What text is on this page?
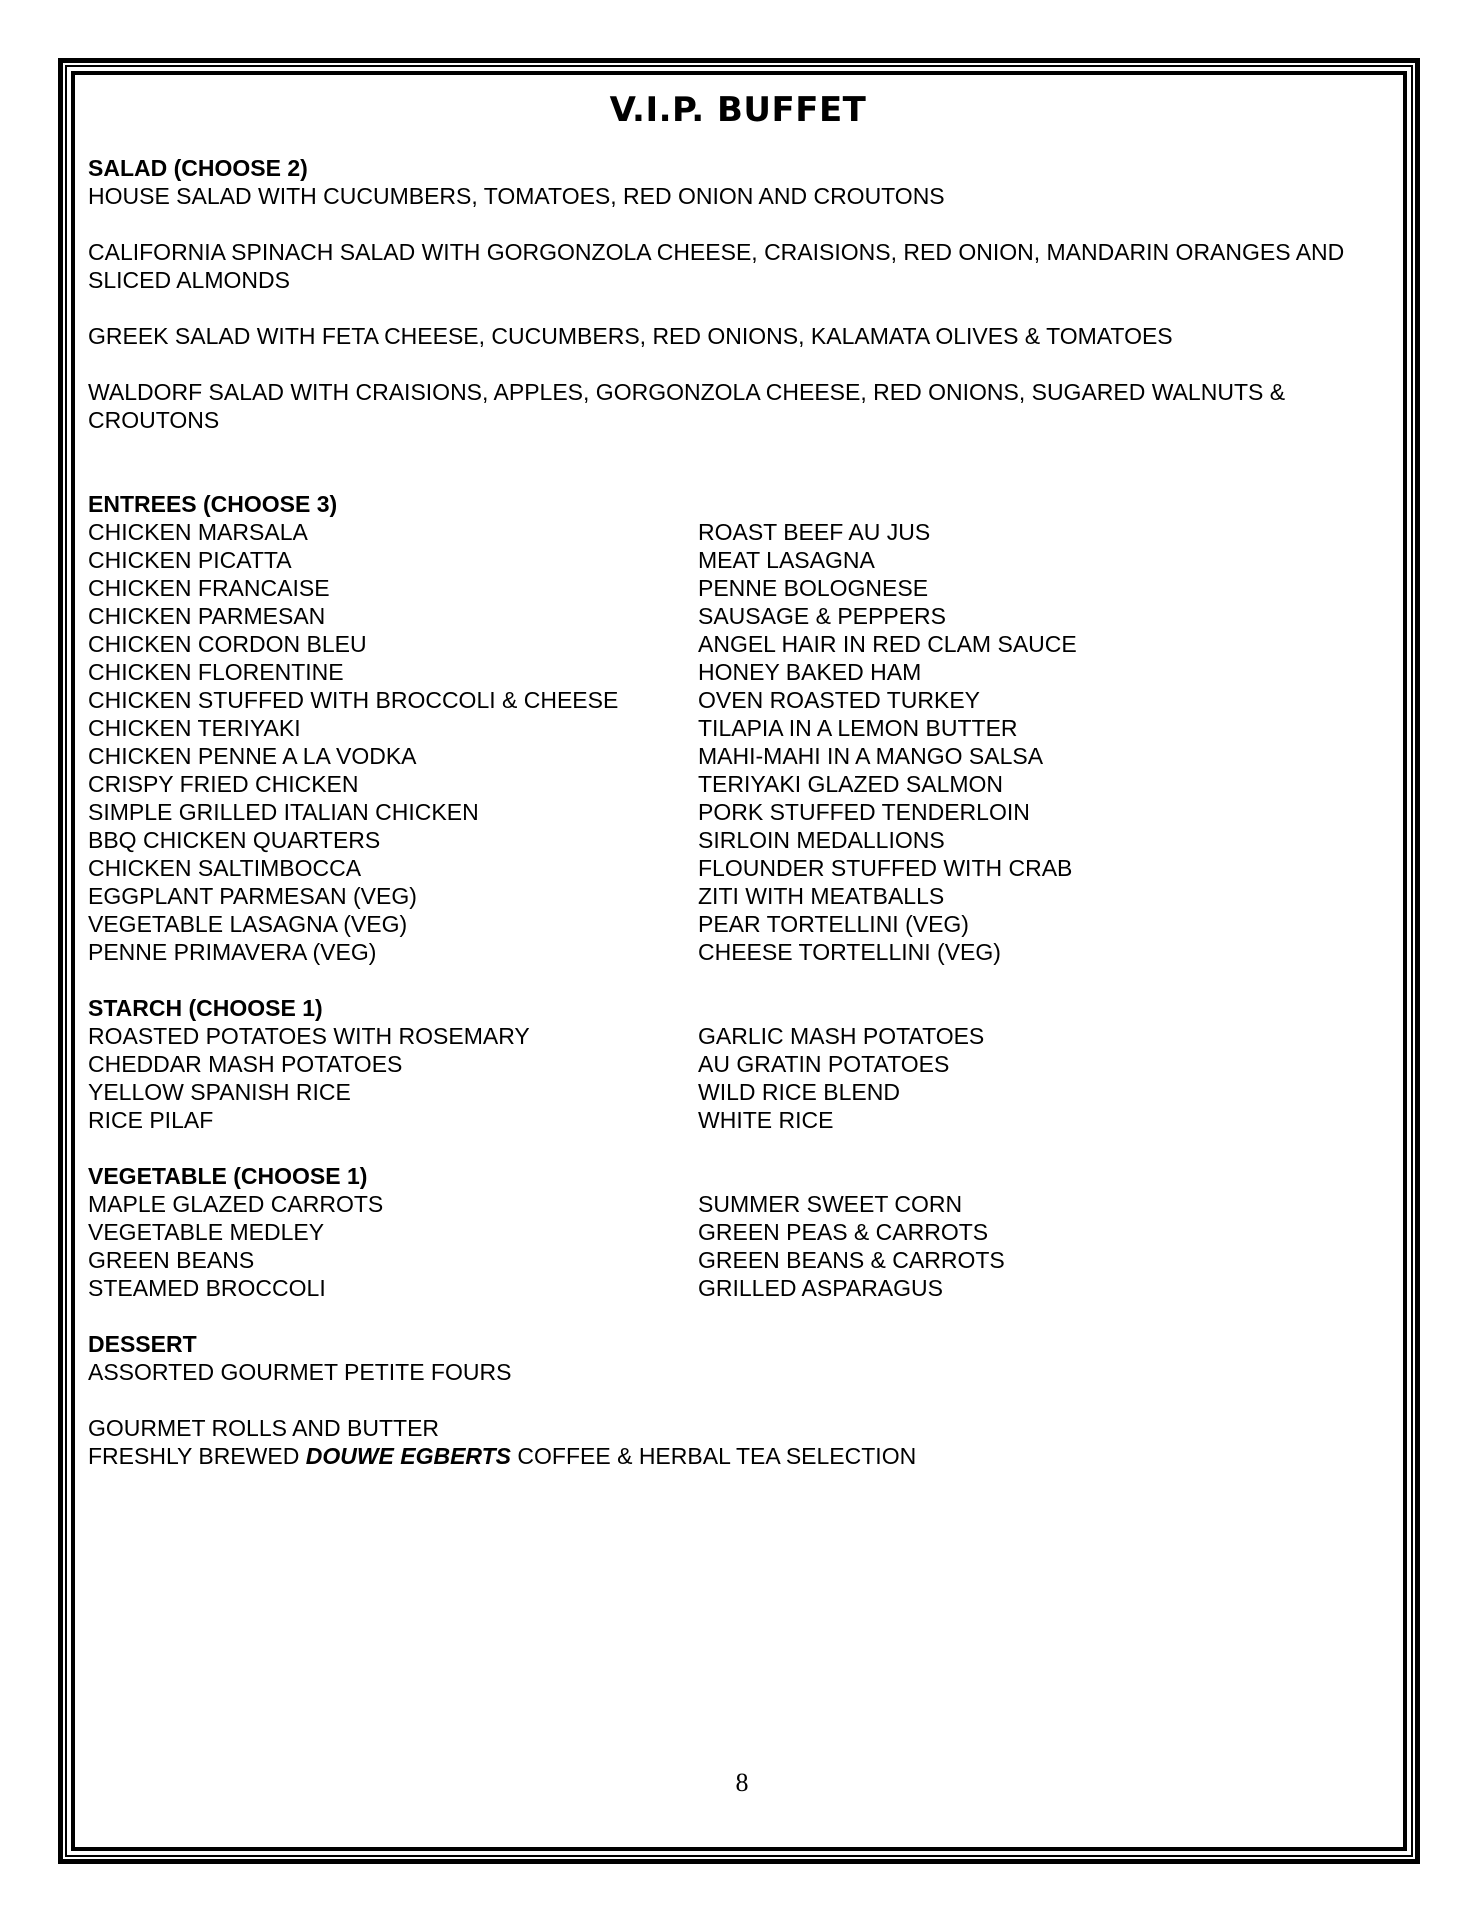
V.I.P. BUFFET

SALAD (CHOOSE 2)

HOUSE SALAD WITH CUCUMBERS, TOMATOES, RED ONION AND CROUTONS

CALIFORNIA SPINACH SALAD WITH GORGONZOLA CHEESE, CRAISIONS, RED ONION, MANDARIN ORANGES AND SLICED ALMONDS

GREEK SALAD WITH FETA CHEESE, CUCUMBERS, RED ONIONS, KALAMATA OLIVES & TOMATOES

WALDORF SALAD WITH CRAISIONS, APPLES, GORGONZOLA CHEESE, RED ONIONS, SUGARED WALNUTS & CROUTONS

ENTREES (CHOOSE 3)

CHICKEN MARSALA	ROAST BEEF AU JUS

CHICKEN PICATTA	MEAT LASAGNA

CHICKEN FRANCAISE	PENNE BOLOGNESE

CHICKEN PARMESAN	SAUSAGE & PEPPERS

CHICKEN CORDON BLEU	ANGEL HAIR IN RED CLAM SAUCE

CHICKEN FLORENTINE	HONEY BAKED HAM

CHICKEN STUFFED WITH BROCCOLI & CHEESE	OVEN ROASTED TURKEY

CHICKEN TERIYAKI	TILAPIA IN A LEMON BUTTER

CHICKEN PENNE A LA VODKA	MAHI-MAHI IN A MANGO SALSA

CRISPY FRIED CHICKEN	TERIYAKI GLAZED SALMON

SIMPLE GRILLED ITALIAN CHICKEN	PORK STUFFED TENDERLOIN

BBQ CHICKEN QUARTERS	SIRLOIN MEDALLIONS

CHICKEN SALTIMBOCCA	FLOUNDER STUFFED WITH CRAB

EGGPLANT PARMESAN (VEG)	ZITI WITH MEATBALLS

VEGETABLE LASAGNA (VEG)	PEAR TORTELLINI (VEG)

PENNE PRIMAVERA (VEG)	CHEESE TORTELLINI (VEG)

STARCH (CHOOSE 1)

ROASTED POTATOES WITH ROSEMARY	GARLIC MASH POTATOES

CHEDDAR MASH POTATOES	AU GRATIN POTATOES

YELLOW SPANISH RICE	WILD RICE BLEND

RICE PILAF	WHITE RICE

VEGETABLE (CHOOSE 1)

MAPLE GLAZED CARROTS	SUMMER SWEET CORN

VEGETABLE MEDLEY	GREEN PEAS & CARROTS

GREEN BEANS	GREEN BEANS & CARROTS

STEAMED BROCCOLI	GRILLED ASPARAGUS

DESSERT

ASSORTED GOURMET PETITE FOURS

GOURMET ROLLS AND BUTTER

FRESHLY BREWED DOUWE EGBERTS COFFEE & HERBAL TEA SELECTION

8
